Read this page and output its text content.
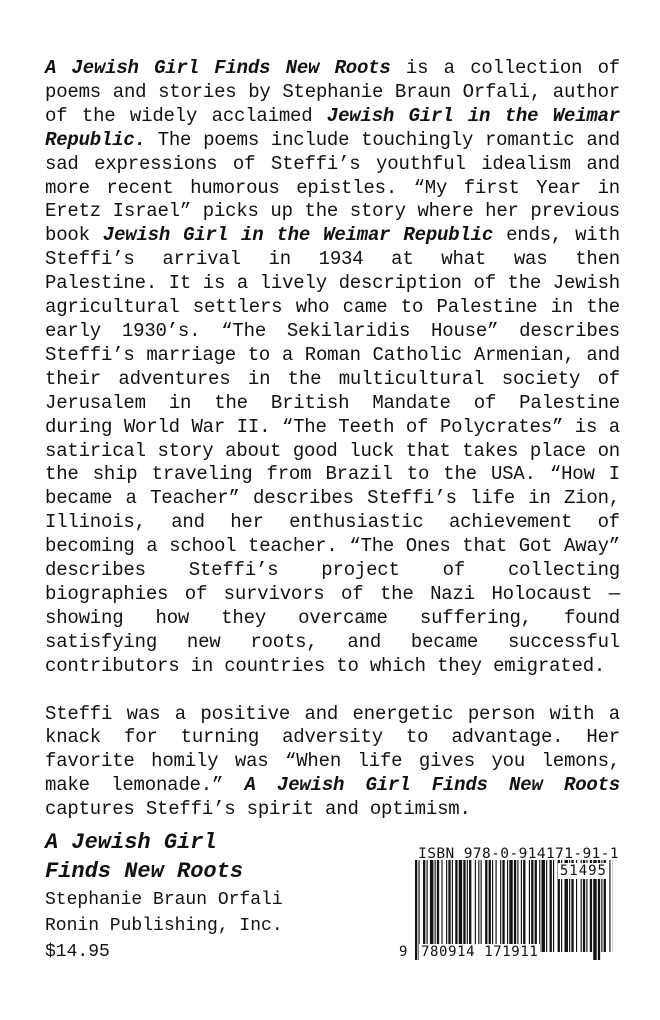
A Jewish Girl Finds New Roots is a collection of poems and stories by Stephanie Braun Orfali, author of the widely acclaimed Jewish Girl in the Weimar Republic. The poems include touchingly romantic and sad expressions of Steffi’s youthful idealism and more recent humorous epistles. “My first Year in Eretz Israel” picks up the story where her previous book Jewish Girl in the Weimar Republic ends, with Steffi’s arrival in 1934 at what was then Palestine. It is a lively description of the Jewish agricultural settlers who came to Palestine in the early 1930’s. “The Sekilaridis House” describes Steffi’s marriage to a Roman Catholic Armenian, and their adventures in the multicultural society of Jerusalem in the British Mandate of Palestine during World War II. “The Teeth of Polycrates” is a satirical story about good luck that takes place on the ship traveling from Brazil to the USA. “How I became a Teacher” describes Steffi’s life in Zion, Illinois, and her enthusiastic achievement of becoming a school teacher. “The Ones that Got Away” describes Steffi’s project of collecting biographies of survivors of the Nazi Holocaust — showing how they overcame suffering, found satisfying new roots, and became successful contributors in countries to which they emigrated.

Steffi was a positive and energetic person with a knack for turning adversity to advantage. Her favorite homily was “When life gives you lemons, make lemonade.” A Jewish Girl Finds New Roots captures Steffi’s spirit and optimism.

A Jewish Girl
Finds New Roots
Stephanie Braun Orfali
Ronin Publishing, Inc.
$14.95
ISBN 978-0-914171-91-1
51495
9 780914 171911
